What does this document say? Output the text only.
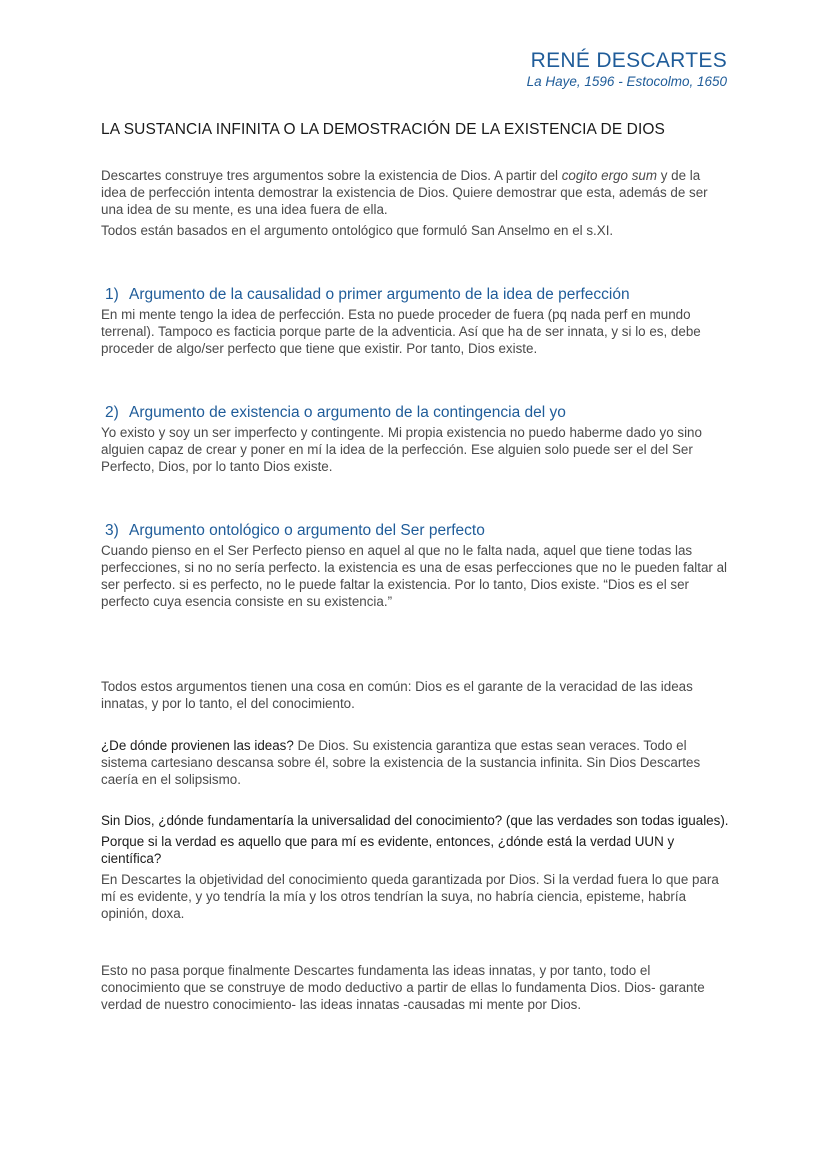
RENÉ DESCARTES
La Haye, 1596 - Estocolmo, 1650
LA SUSTANCIA INFINITA O LA DEMOSTRACIÓN DE LA EXISTENCIA DE DIOS

Descartes construye tres argumentos sobre la existencia de Dios. A partir del cogito ergo sum y de la idea de perfección intenta demostrar la existencia de Dios. Quiere demostrar que esta, además de ser una idea de su mente, es una idea fuera de ella.

Todos están basados en el argumento ontológico que formuló San Anselmo en el s.XI.

1) Argumento de la causalidad o primer argumento de la idea de perfección

En mi mente tengo la idea de perfección. Esta no puede proceder de fuera (pq nada perf en mundo terrenal). Tampoco es facticia porque parte de la adventicia. Así que ha de ser innata, y si lo es, debe proceder de algo/ser perfecto que tiene que existir. Por tanto, Dios existe.

2) Argumento de existencia o argumento de la contingencia del yo

Yo existo y soy un ser imperfecto y contingente. Mi propia existencia no puedo haberme dado yo sino alguien capaz de crear y poner en mí la idea de la perfección. Ese alguien solo puede ser el del Ser Perfecto, Dios, por lo tanto Dios existe.

3) Argumento ontológico o argumento del Ser perfecto

Cuando pienso en el Ser Perfecto pienso en aquel al que no le falta nada, aquel que tiene todas las perfecciones, si no no sería perfecto. la existencia es una de esas perfecciones que no le pueden faltar al ser perfecto. si es perfecto, no le puede faltar la existencia. Por lo tanto, Dios existe. “Dios es el ser perfecto cuya esencia consiste en su existencia.”

Todos estos argumentos tienen una cosa en común: Dios es el garante de la veracidad de las ideas innatas, y por lo tanto, el del conocimiento.

¿De dónde provienen las ideas? De Dios. Su existencia garantiza que estas sean veraces. Todo el sistema cartesiano descansa sobre él, sobre la existencia de la sustancia infinita. Sin Dios Descartes caería en el solipsismo.

Sin Dios, ¿dónde fundamentaría la universalidad del conocimiento? (que las verdades son todas iguales).

Porque si la verdad es aquello que para mí es evidente, entonces, ¿dónde está la verdad UUN y científica?

En Descartes la objetividad del conocimiento queda garantizada por Dios. Si la verdad fuera lo que para mí es evidente, y yo tendría la mía y los otros tendrían la suya, no habría ciencia, episteme, habría opinión, doxa.

Esto no pasa porque finalmente Descartes fundamenta las ideas innatas, y por tanto, todo el conocimiento que se construye de modo deductivo a partir de ellas lo fundamenta Dios. Dios- garante verdad de nuestro conocimiento- las ideas innatas -causadas mi mente por Dios.
